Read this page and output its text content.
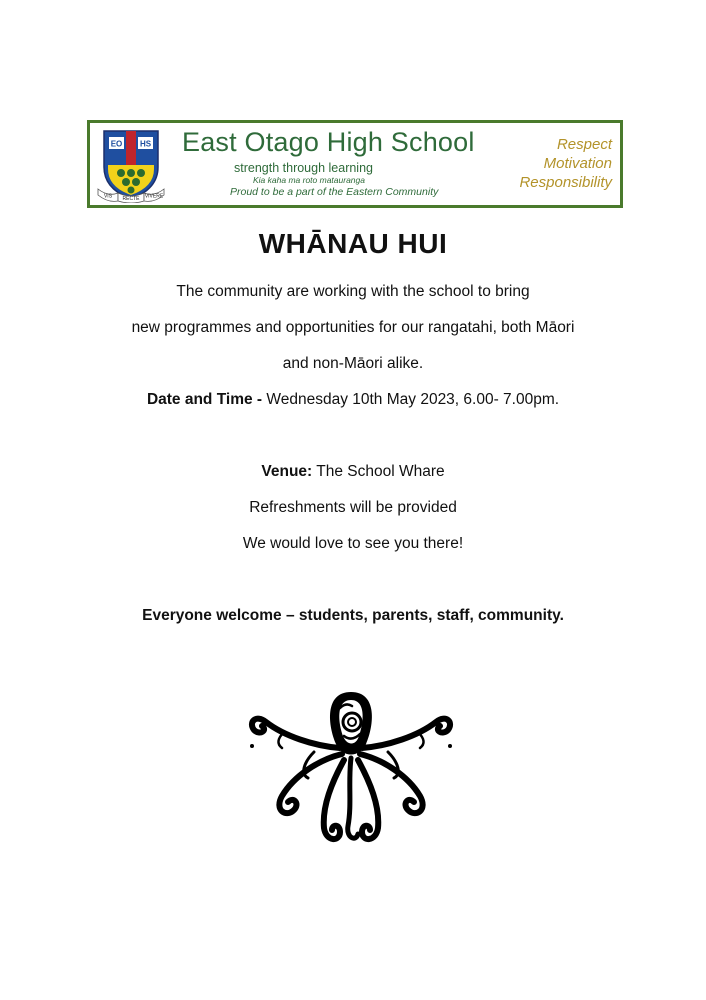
EO HS
VIS RECTE VIVERE
East Otago High School
strength through learning
Kia kaha ma roto matauranga
Proud to be a part of the Eastern Community
Respect
Motivation
Responsibility
WHĀNAU HUI
The community are working with the school to bring
new programmes and opportunities for our rangatahi, both Māori
and non-Māori alike.
Date and Time - Wednesday 10th May 2023, 6.00- 7.00pm.
Venue: The School Whare
Refreshments will be provided
We would love to see you there!
Everyone welcome – students, parents, staff, community.
